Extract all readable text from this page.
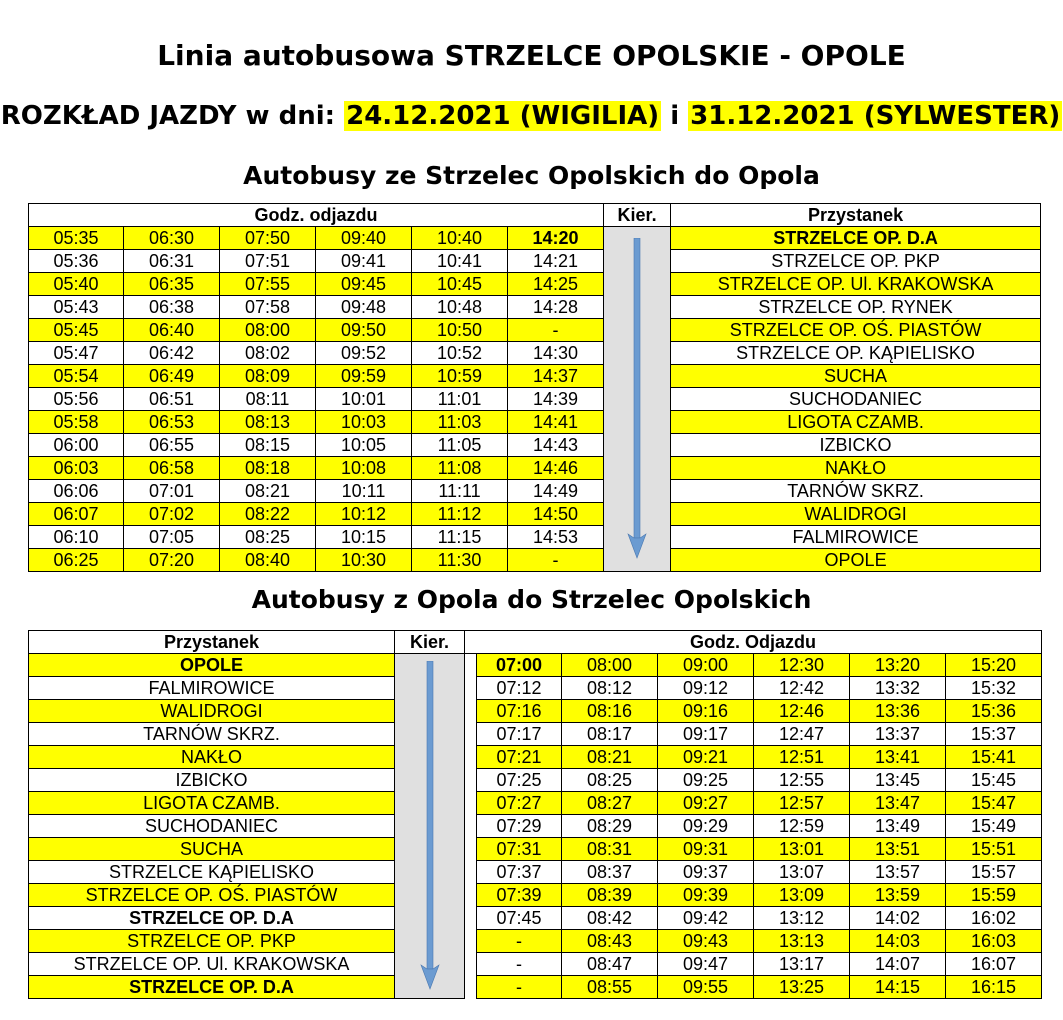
Linia autobusowa STRZELCE OPOLSKIE - OPOLE
ROZKŁAD JAZDY w dni: 24.12.2021 (WIGILIA) i 31.12.2021 (SYLWESTER)
Autobusy ze Strzelec Opolskich do Opola
Godz. odjazdu						Kier.	Przystanek
05:35	06:30	07:50	09:40	10:40	14:20		STRZELCE OP. D.A
05:36	06:31	07:51	09:41	10:41	14:21		STRZELCE OP. PKP
05:40	06:35	07:55	09:45	10:45	14:25		STRZELCE OP. Ul. KRAKOWSKA
05:43	06:38	07:58	09:48	10:48	14:28		STRZELCE OP. RYNEK
05:45	06:40	08:00	09:50	10:50	-		STRZELCE OP. OŚ. PIASTÓW
05:47	06:42	08:02	09:52	10:52	14:30		STRZELCE OP. KĄPIELISKO
05:54	06:49	08:09	09:59	10:59	14:37		SUCHA
05:56	06:51	08:11	10:01	11:01	14:39		SUCHODANIEC
05:58	06:53	08:13	10:03	11:03	14:41		LIGOTA CZAMB.
06:00	06:55	08:15	10:05	11:05	14:43		IZBICKO
06:03	06:58	08:18	10:08	11:08	14:46		NAKŁO
06:06	07:01	08:21	10:11	11:11	14:49		TARNÓW SKRZ.
06:07	07:02	08:22	10:12	11:12	14:50		WALIDROGI
06:10	07:05	08:25	10:15	11:15	14:53		FALMIROWICE
06:25	07:20	08:40	10:30	11:30	-		OPOLE
Autobusy z Opola do Strzelec Opolskich
Przystanek	Kier.	Godz. Odjazdu						
OPOLE			07:00	08:00	09:00	12:30	13:20	15:20
FALMIROWICE			07:12	08:12	09:12	12:42	13:32	15:32
WALIDROGI			07:16	08:16	09:16	12:46	13:36	15:36
TARNÓW SKRZ.			07:17	08:17	09:17	12:47	13:37	15:37
NAKŁO			07:21	08:21	09:21	12:51	13:41	15:41
IZBICKO			07:25	08:25	09:25	12:55	13:45	15:45
LIGOTA CZAMB.			07:27	08:27	09:27	12:57	13:47	15:47
SUCHODANIEC			07:29	08:29	09:29	12:59	13:49	15:49
SUCHA			07:31	08:31	09:31	13:01	13:51	15:51
STRZELCE KĄPIELISKO			07:37	08:37	09:37	13:07	13:57	15:57
STRZELCE OP. OŚ. PIASTÓW			07:39	08:39	09:39	13:09	13:59	15:59
STRZELCE OP. D.A			07:45	08:42	09:42	13:12	14:02	16:02
STRZELCE OP. PKP			-	08:43	09:43	13:13	14:03	16:03
STRZELCE OP. Ul. KRAKOWSKA			-	08:47	09:47	13:17	14:07	16:07
STRZELCE OP. D.A			-	08:55	09:55	13:25	14:15	16:15
